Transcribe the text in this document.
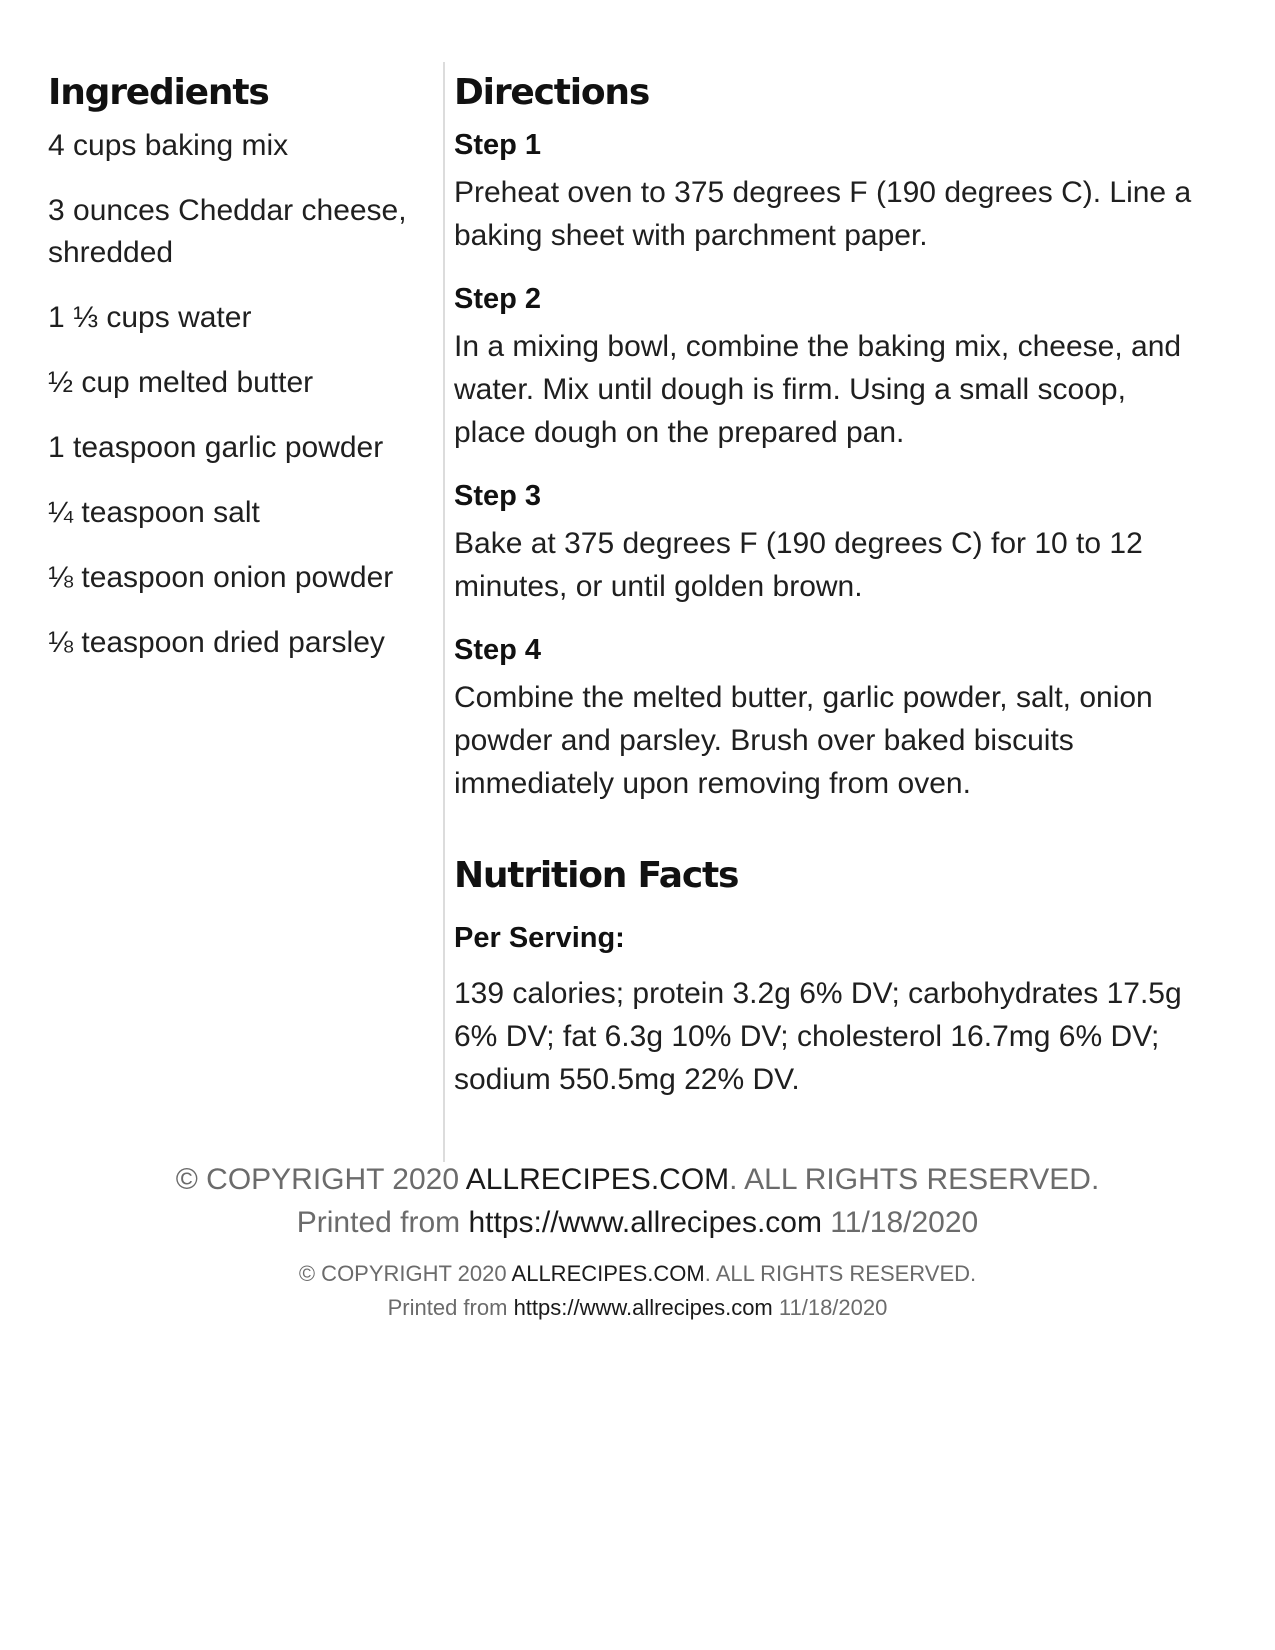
Ingredients
4 cups baking mix
3 ounces Cheddar cheese, shredded
1 ⅓ cups water
½ cup melted butter
1 teaspoon garlic powder
¼ teaspoon salt
⅛ teaspoon onion powder
⅛ teaspoon dried parsley
Directions
Step 1

Preheat oven to 375 degrees F (190 degrees C). Line a baking sheet with parchment paper.

Step 2

In a mixing bowl, combine the baking mix, cheese, and water. Mix until dough is firm. Using a small scoop, place dough on the prepared pan.

Step 3

Bake at 375 degrees F (190 degrees C) for 10 to 12 minutes, or until golden brown.

Step 4

Combine the melted butter, garlic powder, salt, onion powder and parsley. Brush over baked biscuits immediately upon removing from oven.

Nutrition Facts
Per Serving:

139 calories; protein 3.2g 6% DV; carbohydrates 17.5g 6% DV; fat 6.3g 10% DV; cholesterol 16.7mg 6% DV; sodium 550.5mg 22% DV.

© COPYRIGHT 2020 ALLRECIPES.COM. ALL RIGHTS RESERVED.
Printed from https://www.allrecipes.com 11/18/2020
© COPYRIGHT 2020 ALLRECIPES.COM. ALL RIGHTS RESERVED.
Printed from https://www.allrecipes.com 11/18/2020
